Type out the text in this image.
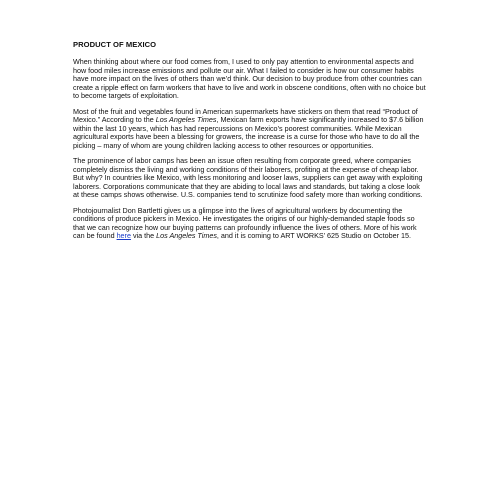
PRODUCT OF MEXICO

When thinking about where our food comes from, I used to only pay attention to environmental aspects and how food miles increase emissions and pollute our air. What I failed to consider is how our consumer habits have more impact on the lives of others than we’d think. Our decision to buy produce from other countries can create a ripple effect on farm workers that have to live and work in obscene conditions, often with no choice but to become targets of exploitation.

Most of the fruit and vegetables found in American supermarkets have stickers on them that read “Product of Mexico.” According to the Los Angeles Times, Mexican farm exports have significantly increased to $7.6 billion within the last 10 years, which has had repercussions on Mexico’s poorest communities. While Mexican agricultural exports have been a blessing for growers, the increase is a curse for those who have to do all the picking – many of whom are young children lacking access to other resources or opportunities.

The prominence of labor camps has been an issue often resulting from corporate greed, where companies completely dismiss the living and working conditions of their laborers, profiting at the expense of cheap labor. But why? In countries like Mexico, with less monitoring and looser laws, suppliers can get away with exploiting laborers. Corporations communicate that they are abiding to local laws and standards, but taking a close look at these camps shows otherwise. U.S. companies tend to scrutinize food safety more than working conditions.

Photojournalist Don Bartletti gives us a glimpse into the lives of agricultural workers by documenting the conditions of produce pickers in Mexico. He investigates the origins of our highly-demanded staple foods so that we can recognize how our buying patterns can profoundly influence the lives of others. More of his work can be found here via the Los Angeles Times, and it is coming to ART WORKS’ 625 Studio on October 15.
